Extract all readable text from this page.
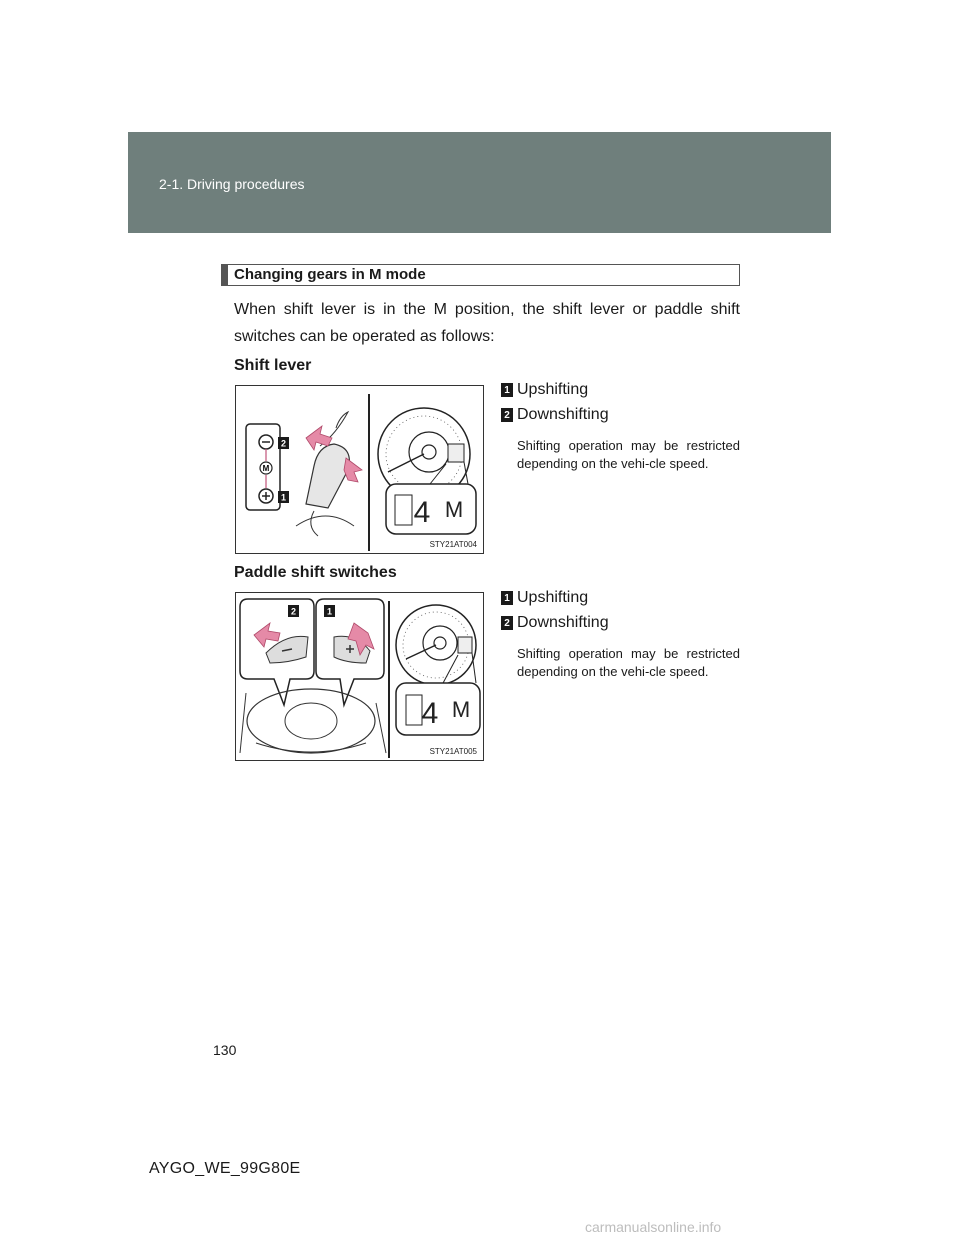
2-1. Driving procedures
Changing gears in M mode
When shift lever is in the M position, the shift lever or paddle shift switches can be operated as follows:
Shift lever
M
2
1	4 M
STY21AT004
1 Upshifting
2 Downshifting
Shifting operation may be restricted depending on the vehi-cle speed.
Paddle shift switches
2	1
4 M
STY21AT005
1 Upshifting
2 Downshifting
Shifting operation may be restricted depending on the vehi-cle speed.
130
AYGO_WE_99G80E
carmanualsonline.info
